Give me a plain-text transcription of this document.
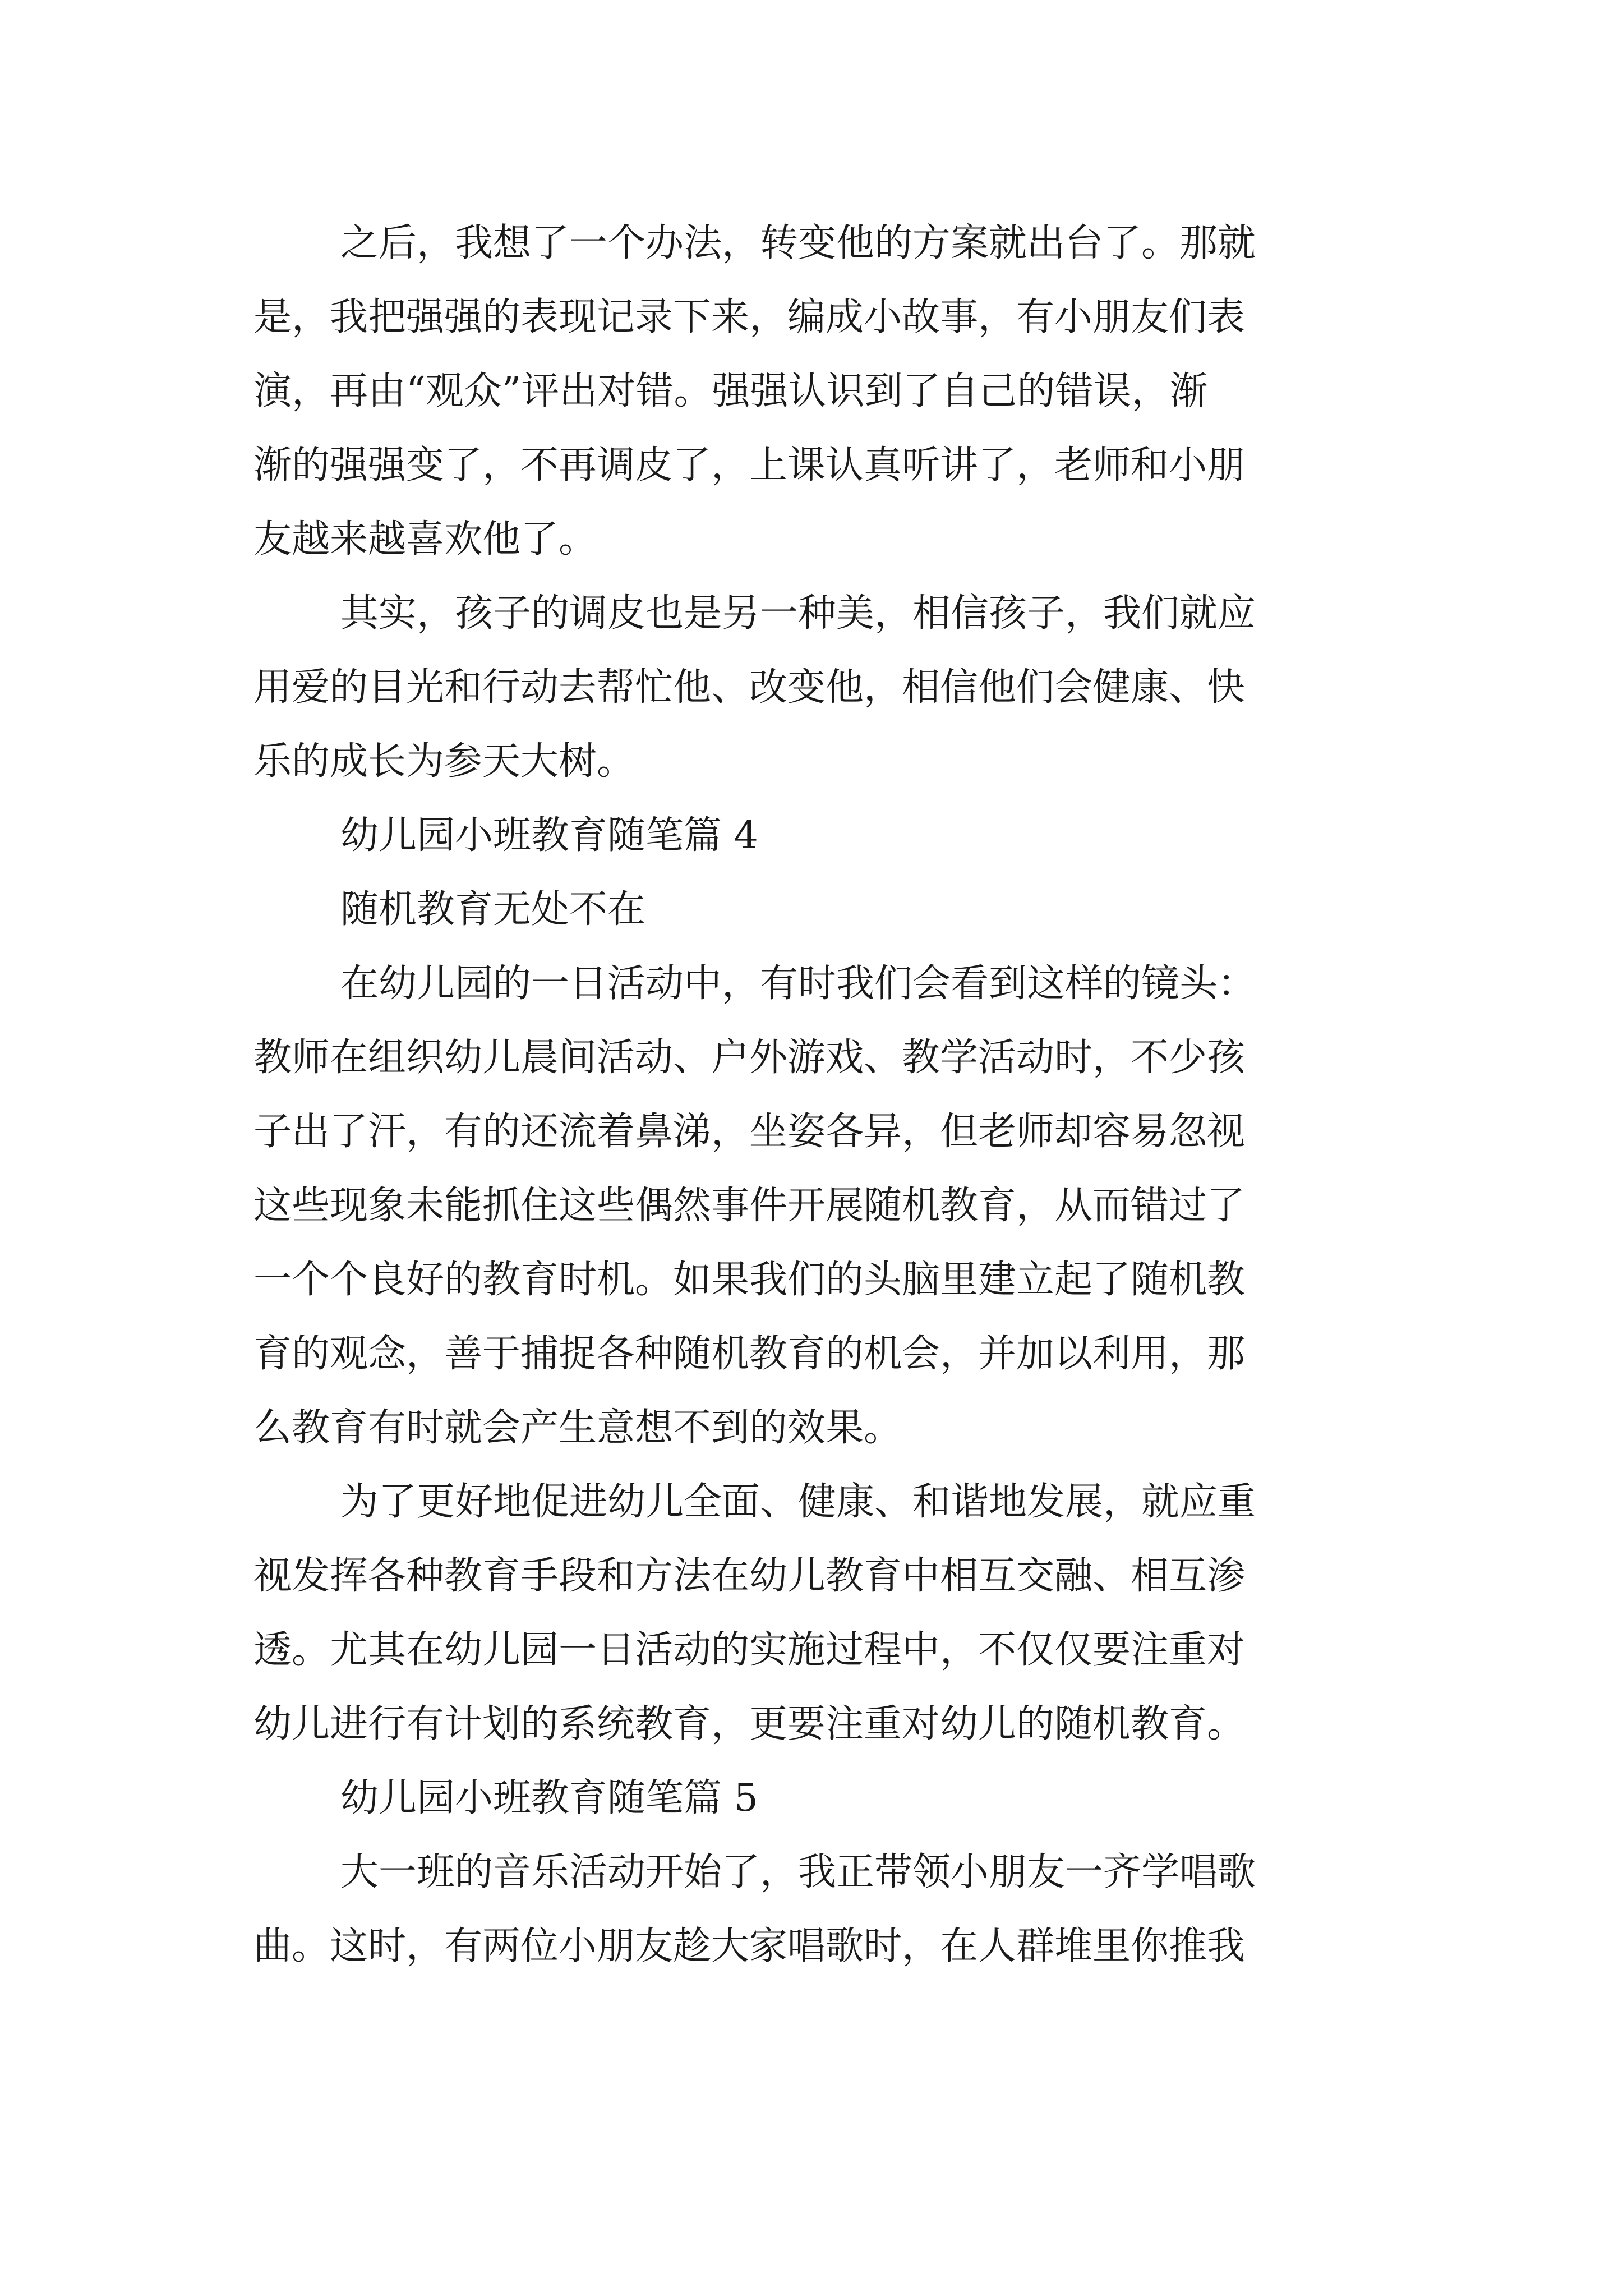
之后，我想了一个办法，转变他的方案就出台了。那就
是，我把强强的表现记录下来，编成小故事，有小朋友们表
演，再由“观众”评出对错。强强认识到了自己的错误，渐
渐的强强变了，不再调皮了，上课认真听讲了，老师和小朋
友越来越喜欢他了。
其实，孩子的调皮也是另一种美，相信孩子，我们就应
用爱的目光和行动去帮忙他、改变他，相信他们会健康、快
乐的成长为参天大树。
幼儿园小班教育随笔篇 4
随机教育无处不在
在幼儿园的一日活动中，有时我们会看到这样的镜头：
教师在组织幼儿晨间活动、户外游戏、教学活动时，不少孩
子出了汗，有的还流着鼻涕，坐姿各异，但老师却容易忽视
这些现象未能抓住这些偶然事件开展随机教育，从而错过了
一个个良好的教育时机。如果我们的头脑里建立起了随机教
育的观念，善于捕捉各种随机教育的机会，并加以利用，那
么教育有时就会产生意想不到的效果。
为了更好地促进幼儿全面、健康、和谐地发展，就应重
视发挥各种教育手段和方法在幼儿教育中相互交融、相互渗
透。尤其在幼儿园一日活动的实施过程中，不仅仅要注重对
幼儿进行有计划的系统教育，更要注重对幼儿的随机教育。
幼儿园小班教育随笔篇 5
大一班的音乐活动开始了，我正带领小朋友一齐学唱歌
曲。这时，有两位小朋友趁大家唱歌时，在人群堆里你推我
